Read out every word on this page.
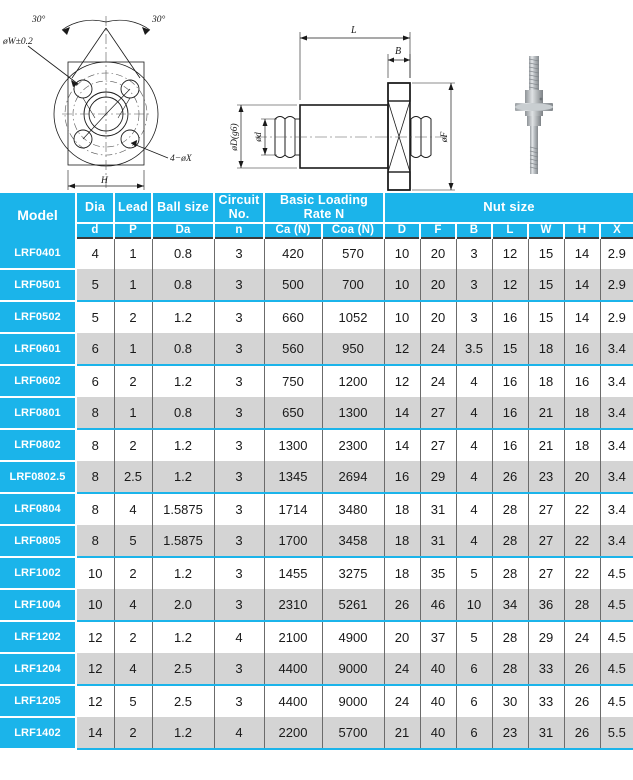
30°	30°
øW±0.2
4−øX
H
L
B
øD(g6) ød	øF
Model	Dia	Lead	Ball size	Circuit No.	Basic Loading Rate N		Nut size						
	d	P	Da	n	Ca (N)	Coa (N)	D	F	B	L	W	H	X
LRF0401	4	1	0.8	3	420	570	10	20	3	12	15	14	2.9
LRF0501	5	1	0.8	3	500	700	10	20	3	12	15	14	2.9
LRF0502	5	2	1.2	3	660	1052	10	20	3	16	15	14	2.9
LRF0601	6	1	0.8	3	560	950	12	24	3.5	15	18	16	3.4
LRF0602	6	2	1.2	3	750	1200	12	24	4	16	18	16	3.4
LRF0801	8	1	0.8	3	650	1300	14	27	4	16	21	18	3.4
LRF0802	8	2	1.2	3	1300	2300	14	27	4	16	21	18	3.4
LRF0802.5	8	2.5	1.2	3	1345	2694	16	29	4	26	23	20	3.4
LRF0804	8	4	1.5875	3	1714	3480	18	31	4	28	27	22	3.4
LRF0805	8	5	1.5875	3	1700	3458	18	31	4	28	27	22	3.4
LRF1002	10	2	1.2	3	1455	3275	18	35	5	28	27	22	4.5
LRF1004	10	4	2.0	3	2310	5261	26	46	10	34	36	28	4.5
LRF1202	12	2	1.2	4	2100	4900	20	37	5	28	29	24	4.5
LRF1204	12	4	2.5	3	4400	9000	24	40	6	28	33	26	4.5
LRF1205	12	5	2.5	3	4400	9000	24	40	6	30	33	26	4.5
LRF1402	14	2	1.2	4	2200	5700	21	40	6	23	31	26	5.5
